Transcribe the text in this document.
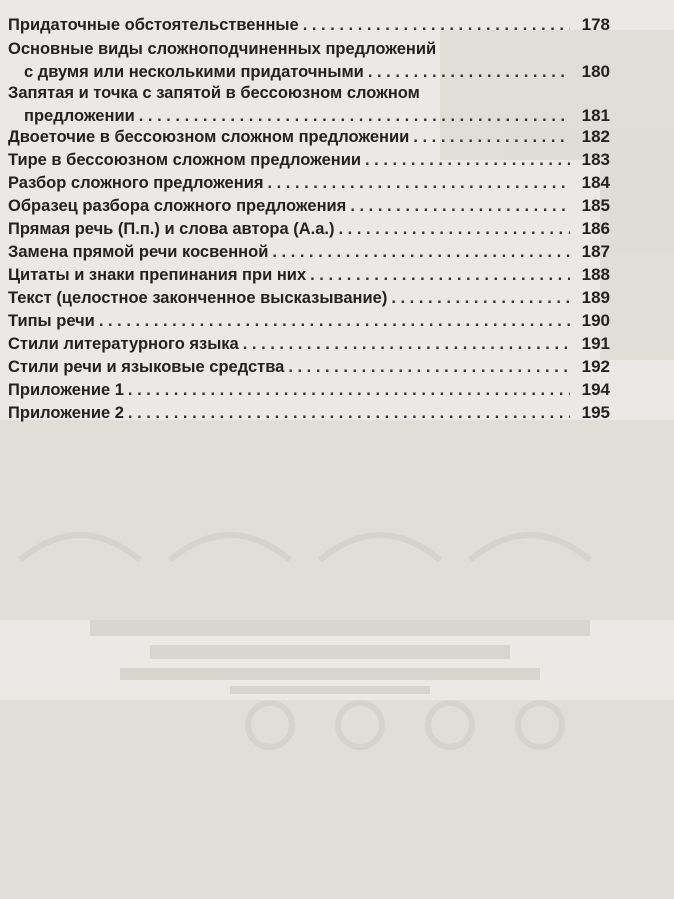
Придаточные обстоятельственные . . .	178
Основные виды сложноподчиненных предложений
с двумя или несколькими придаточными . . .	180
Запятая и точка с запятой в бессоюзном сложном
предложении . . .	181
Двоеточие в бессоюзном сложном предложении . . .	182
Тире в бессоюзном сложном предложении . . .	183
Разбор сложного предложения . . .	184
Образец разбора сложного предложения . . .	185
Прямая речь (П.п.) и слова автора (А.а.) . . .	186
Замена прямой речи косвенной . . .	187
Цитаты и знаки препинания при них . . .	188
Текст (целостное законченное высказывание) . . .	189
Типы речи . . .	190
Стили литературного языка . . .	191
Стили речи и языковые средства . . .	192
Приложение 1 . . .	194
Приложение 2 . . .	195
